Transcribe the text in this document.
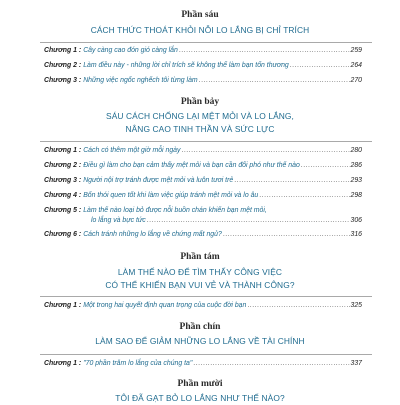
Phần sáu
CÁCH THỨC THOÁT KHỎI NỖI LO LẮNG BỊ CHỈ TRÍCH
Chương 1 : Cây càng cao đón gió càng lắn .....	259
Chương 2 : Làm điều này - những lời chỉ trích sẽ không thể làm bạn tổn thương .....	264
Chương 3 : Những việc ngốc nghếch tôi từng làm .....	270
Phần bảy
SÁU CÁCH CHỐNG LẠI MỆT MỎI VÀ LO LẮNG,
NÂNG CAO TINH THẦN VÀ SỨC LỰC
Chương 1 : Cách có thêm một giờ mỗi ngày .....	280
Chương 2 : Điều gì làm cho bạn cảm thấy mệt mỏi và bạn cần đối phó như thế nào .....	286
Chương 3 : Người nội trợ tránh được mệt mỏi và luôn tươi trẻ .....	293
Chương 4 : Bốn thói quen tốt khi làm việc giúp tránh mệt mỏi và lo âu .....	298
Chương 5 : Làm thế nào loại bỏ được nỗi buồn chán khiến bạn mệt mỏi,
lo lắng và bực tức .....	306
Chương 6 : Cách tránh những lo lắng về chứng mất ngủ? .....	316
Phần tám
LÀM THẾ NÀO ĐỂ TÌM THẤY CÔNG VIỆC
CÓ THỂ KHIẾN BẠN VUI VẺ VÀ THÀNH CÔNG?
Chương 1 : Một trong hai quyết định quan trọng của cuộc đời bạn .....	325
Phần chín
LÀM SAO ĐỂ GIẢM NHỮNG LO LẮNG VỀ TÀI CHÍNH
Chương 1 : "70 phần trăm lo lắng của chúng ta" .....	337
Phần mười
TÔI ĐÃ GẠT BỎ LO LẮNG NHƯ THẾ NÀO?
